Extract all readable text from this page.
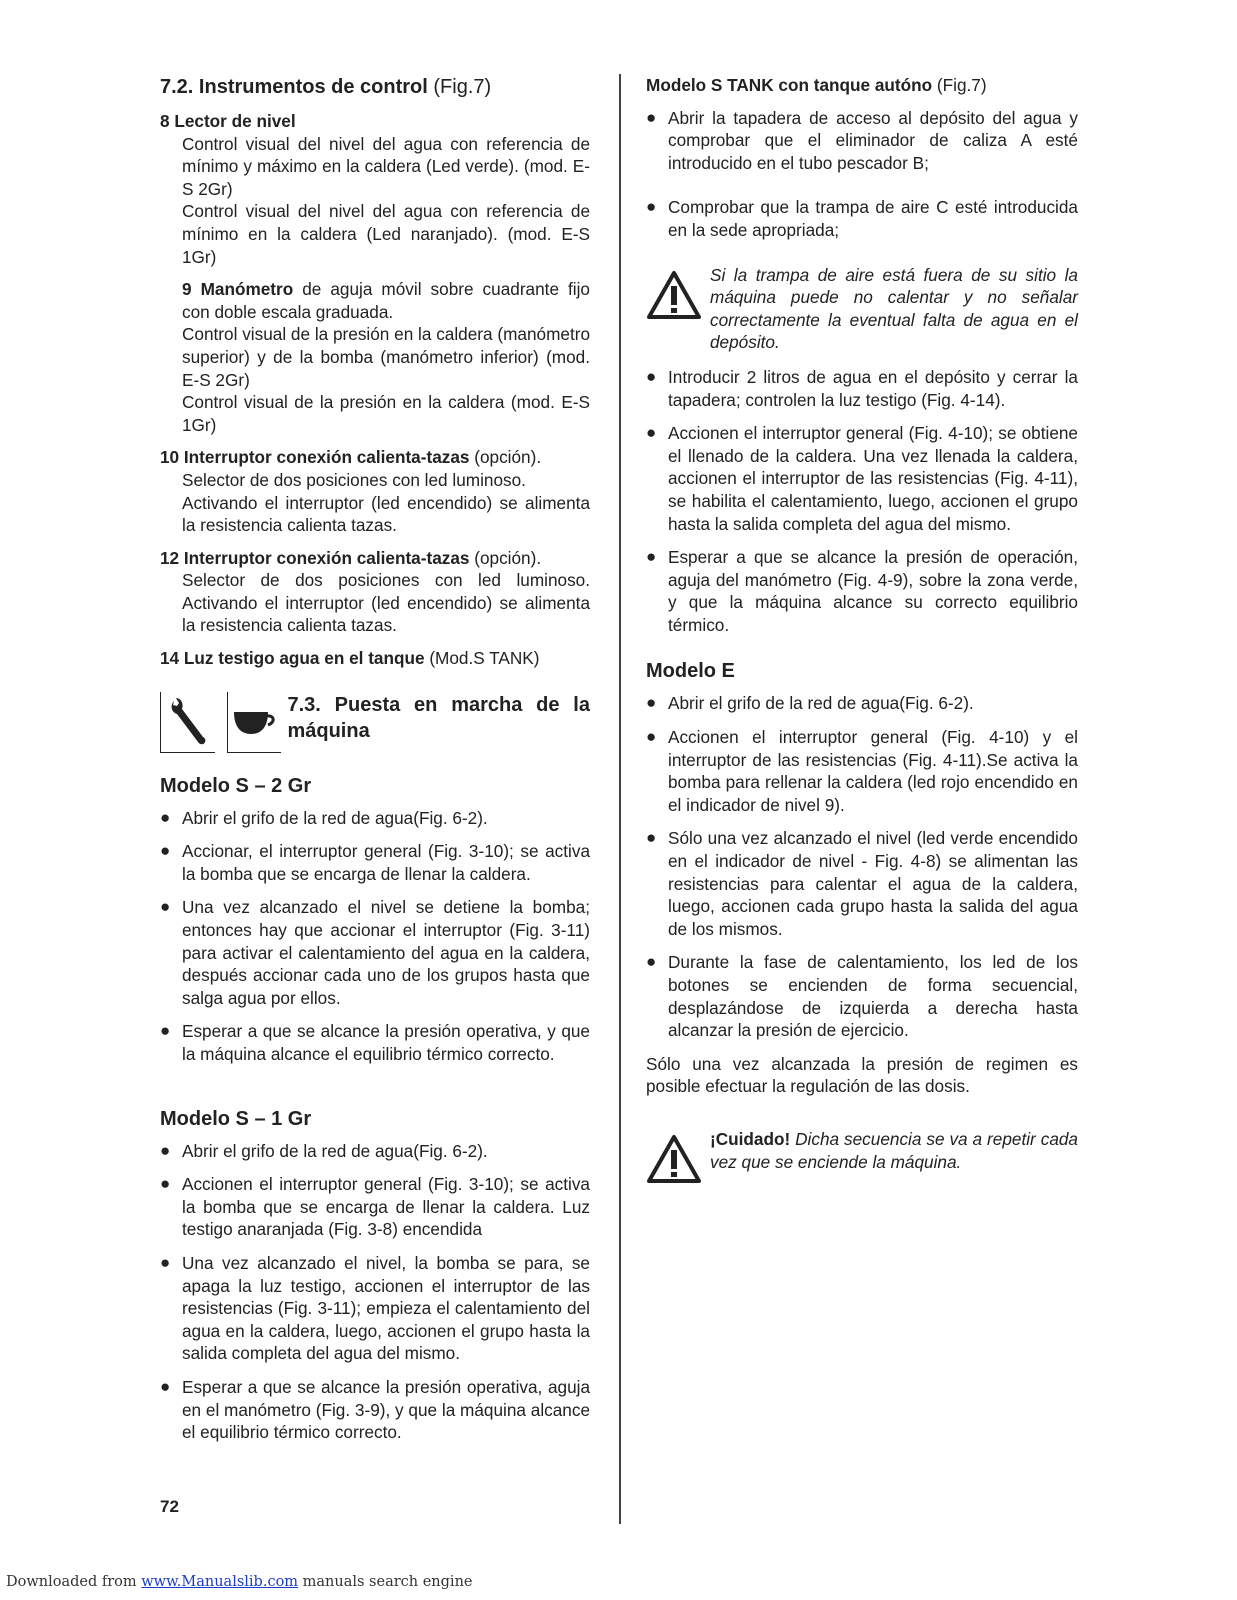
7.2. Instrumentos de control (Fig.7)

8 Lector de nivel

Control visual del nivel del agua con referencia de mínimo y máximo en la caldera (Led verde). (mod. E-S 2Gr)

Control visual del nivel del agua con referencia de mínimo en la caldera (Led naranjado). (mod. E-S 1Gr)

9 Manómetro de aguja móvil sobre cuadrante fijo con doble escala graduada.

Control visual de la presión en la caldera (manómetro superior) y de la bomba (manómetro inferior) (mod. E-S 2Gr)

Control visual de la presión en la caldera (mod. E-S 1Gr)

10 Interruptor conexión calienta-tazas (opción).

Selector de dos posiciones con led luminoso.

Activando el interruptor (led encendido) se alimenta la resistencia calienta tazas.

12 Interruptor conexión calienta-tazas (opción).

Selector de dos posiciones con led luminoso. Activando el interruptor (led encendido) se alimenta la resistencia calienta tazas.

14 Luz testigo agua en el tanque (Mod.S TANK)

7.3. Puesta en marcha de la máquina

Modelo S – 2 Gr

● Abrir el grifo de la red de agua(Fig. 6-2).
● Accionar, el interruptor general (Fig. 3-10); se activa la bomba que se encarga de llenar la caldera.
● Una vez alcanzado el nivel se detiene la bomba; entonces hay que accionar el interruptor (Fig. 3-11) para activar el calentamiento del agua en la caldera, después accionar cada uno de los grupos hasta que salga agua por ellos.
● Esperar a que se alcance la presión operativa, y que la máquina alcance el equilibrio térmico correcto.

Modelo S – 1 Gr

● Abrir el grifo de la red de agua(Fig. 6-2).
● Accionen el interruptor general (Fig. 3-10); se activa la bomba que se encarga de llenar la caldera. Luz testigo anaranjada (Fig. 3-8) encendida
● Una vez alcanzado el nivel, la bomba se para, se apaga la luz testigo, accionen el interruptor de las resistencias (Fig. 3-11); empieza el calentamiento del agua en la caldera, luego, accionen el grupo hasta la salida completa del agua del mismo.
● Esperar a que se alcance la presión operativa, aguja en el manómetro (Fig. 3-9), y que la máquina alcance el equilibrio térmico correcto.

Modelo S TANK con tanque autóno (Fig.7)

● Abrir la tapadera de acceso al depósito del agua y comprobar que el eliminador de caliza A esté introducido en el tubo pescador B;
● Comprobar que la trampa de aire C esté introducida en la sede apropriada;

Si la trampa de aire está fuera de su sitio la máquina puede no calentar y no señalar correctamente la eventual falta de agua en el depósito.

● Introducir 2 litros de agua en el depósito y cerrar la tapadera; controlen la luz testigo (Fig. 4-14).
● Accionen el interruptor general (Fig. 4-10); se obtiene el llenado de la caldera. Una vez llenada la caldera, accionen el interruptor de las resistencias (Fig. 4-11), se habilita el calentamiento, luego, accionen el grupo hasta la salida completa del agua del mismo.
● Esperar a que se alcance la presión de operación, aguja del manómetro (Fig. 4-9), sobre la zona verde, y que la máquina alcance su correcto equilibrio térmico.

Modelo E

● Abrir el grifo de la red de agua(Fig. 6-2).
● Accionen el interruptor general (Fig. 4-10) y el interruptor de las resistencias (Fig. 4-11).Se activa la bomba para rellenar la caldera (led rojo encendido en el indicador de nivel 9).
● Sólo una vez alcanzado el nivel (led verde encendido en el indicador de nivel - Fig. 4-8) se alimentan las resistencias para calentar el agua de la caldera, luego, accionen cada grupo hasta la salida del agua de los mismos.
● Durante la fase de calentamiento, los led de los botones se encienden de forma secuencial, desplazándose de izquierda a derecha hasta alcanzar la presión de ejercicio.

Sólo una vez alcanzada la presión de regimen es posible efectuar la regulación de las dosis.

¡Cuidado! Dicha secuencia se va a repetir cada vez que se enciende la máquina.

72
Downloaded from www.Manualslib.com manuals search engine
